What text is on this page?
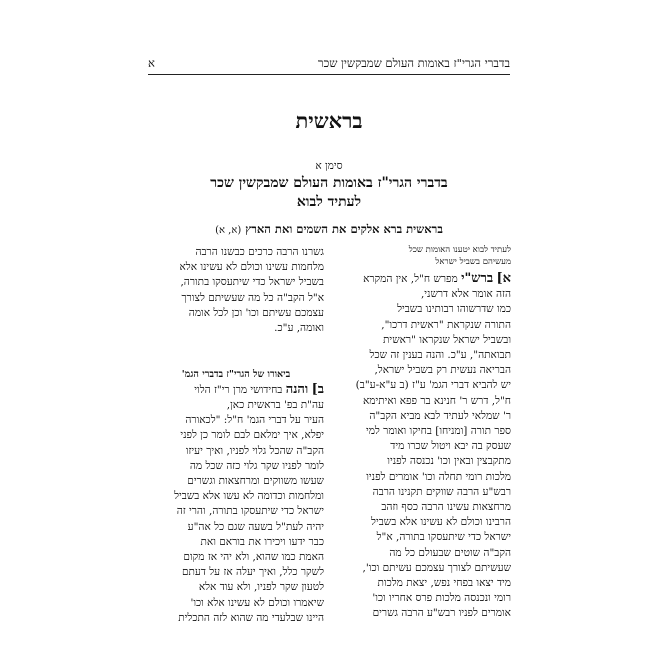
בדברי הגרי"ז באומות העולם שמבקשין שכר
א
בראשית
סימן א
בדברי הגרי"ז באומות העולם שמבקשין שכר
לעתיד לבוא
בראשית ברא אלקים את השמים ואת הארץ (א, א)
לעתיד לבוא יטענו האומות שכל
מעשיהם בשביל ישראל
א] ברש"י מפרש ח"ל, אין המקרא
הזה אומר אלא דרשני,
כמו שדרשוהו רבותינו בשביל
התורה שנקראת "ראשית דרכו",
ובשביל ישראל שנקראו "ראשית
תבואתה", ע"כ. והנה בענין זה שכל
הבריאה נעשית רק בשביל ישראל,
יש להביא דברי הגמ' ע"ז (ב ע"א-ע"ב)
ח"ל, דרש ר' חנינא בר פפא ואיתימא
ר' שמלאי לעתיד לבא מביא הקב"ה
ספר תורה [ומניחו] בחיקו ואומר למי
שעסק בה יבא ויטול שכרו מיד
מתקבצין ובאין וכו' נכנסה לפניו
מלכות רומי תחלה וכו' אומרים לפניו
רבש"ע הרבה שווקים תקנינו הרבה
מרחצאות עשינו הרבה כסף וזהב
הרבינו וכולם לא עשינו אלא בשביל
ישראל כדי שיתעסקו בתורה, א"ל
הקב"ה שוטים שבעולם כל מה
שעשיתם לצורך עצמכם עשיתם וכו',
מיד יצאו בפחי נפש, יצאת מלכות
רומי ונכנסה מלכות פרס אחריו וכו'
אומרים לפניו רבש"ע הרבה גשרים
גשרנו הרבה כרכים כבשנו הרבה
מלחמות עשינו וכולם לא עשינו אלא
בשביל ישראל כדי שיתעסקו בתורה,
א"ל הקב"ה כל מה שעשיתם לצורך
עצמכם עשיתם וכו' וכן לכל אומה
ואומה, ע"כ.

ביאורו של הגרי"ז בדברי הגמ'
ב] והנה בחידושי מרן רי"ז הלוי
עה"ת בפ' בראשית כאן,
העיר על דברי הגמ' ח"ל: "לכאורה
יפלא, איך ימלאם לבם לומר כן לפני
הקב"ה שהכל גלוי לפניו, ואיך יעיזו
לומר לפניו שקר גלוי כזה שכל מה
שעשו משווקים ומרחצאות וגשרים
ומלחמות וכדומה לא עשו אלא בשביל
ישראל כדי שיתעסקו בתורה, והרי זה
יהיה לעת"ל בשעה שגם כל אה"ע
כבר ידעו ויכירו את בוראם ואת
האמת כמו שהוא, ולא יהי אז מקום
לשקר כלל, ואיך יעלה אז על דעתם
לטעון שקר לפניו, ולא עוד אלא
שיאמרו וכולם לא עשינו אלא וכו'
היינו שבלעדי מה שהוא לזה התכלית
